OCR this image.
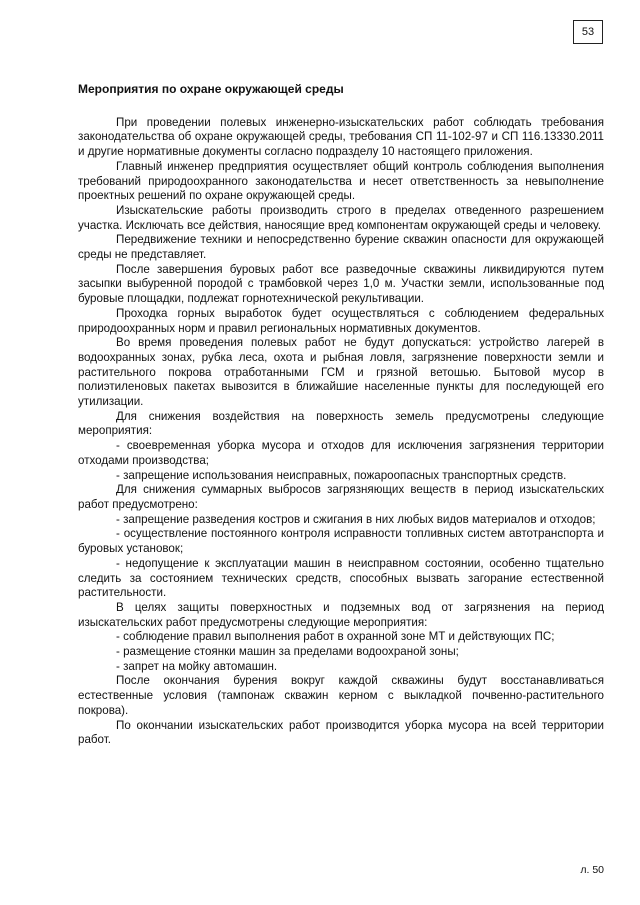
53

Мероприятия по охране окружающей среды

При проведении полевых инженерно-изыскательских работ соблюдать требования законодательства об охране окружающей среды, требования СП 11-102-97 и СП 116.13330.2011 и другие нормативные документы согласно подразделу 10 настоящего приложения.

Главный инженер предприятия осуществляет общий контроль соблюдения выполнения требований природоохранного законодательства и несет ответственность за невыполнение проектных решений по охране окружающей среды.

Изыскательские работы производить строго в пределах отведенного разрешением участка. Исключать все действия, наносящие вред компонентам окружающей среды и человеку.

Передвижение техники и непосредственно бурение скважин опасности для окружающей среды не представляет.

После завершения буровых работ все разведочные скважины ликвидируются путем засыпки выбуренной породой с трамбовкой через 1,0 м. Участки земли, использованные под буровые площадки, подлежат горнотехнической рекультивации.

Проходка горных выработок будет осуществляться с соблюдением федеральных природоохранных норм и правил региональных нормативных документов.

Во время проведения полевых работ не будут допускаться: устройство лагерей в водоохранных зонах, рубка леса, охота и рыбная ловля, загрязнение поверхности земли и растительного покрова отработанными ГСМ и грязной ветошью. Бытовой мусор в полиэтиленовых пакетах вывозится в ближайшие населенные пункты для последующей его утилизации.

Для снижения воздействия на поверхность земель предусмотрены следующие мероприятия:

- своевременная уборка мусора и отходов для исключения загрязнения территории отходами производства;

- запрещение использования неисправных, пожароопасных транспортных средств.

Для снижения суммарных выбросов загрязняющих веществ в период изыскательских работ предусмотрено:

- запрещение разведения костров и сжигания в них любых видов материалов и отходов;

- осуществление постоянного контроля исправности топливных систем автотранспорта и буровых установок;

- недопущение к эксплуатации машин в неисправном состоянии, особенно тщательно следить за состоянием технических средств, способных вызвать загорание естественной растительности.

В целях защиты поверхностных и подземных вод от загрязнения на период изыскательских работ предусмотрены следующие мероприятия:

- соблюдение правил выполнения работ в охранной зоне МТ и действующих ПС;

- размещение стоянки машин за пределами водоохраной зоны;

- запрет на мойку автомашин.

После окончания бурения вокруг каждой скважины будут восстанавливаться естественные условия (тампонаж скважин керном с выкладкой почвенно-растительного покрова).

По окончании изыскательских работ производится уборка мусора на всей территории работ.

л. 50
